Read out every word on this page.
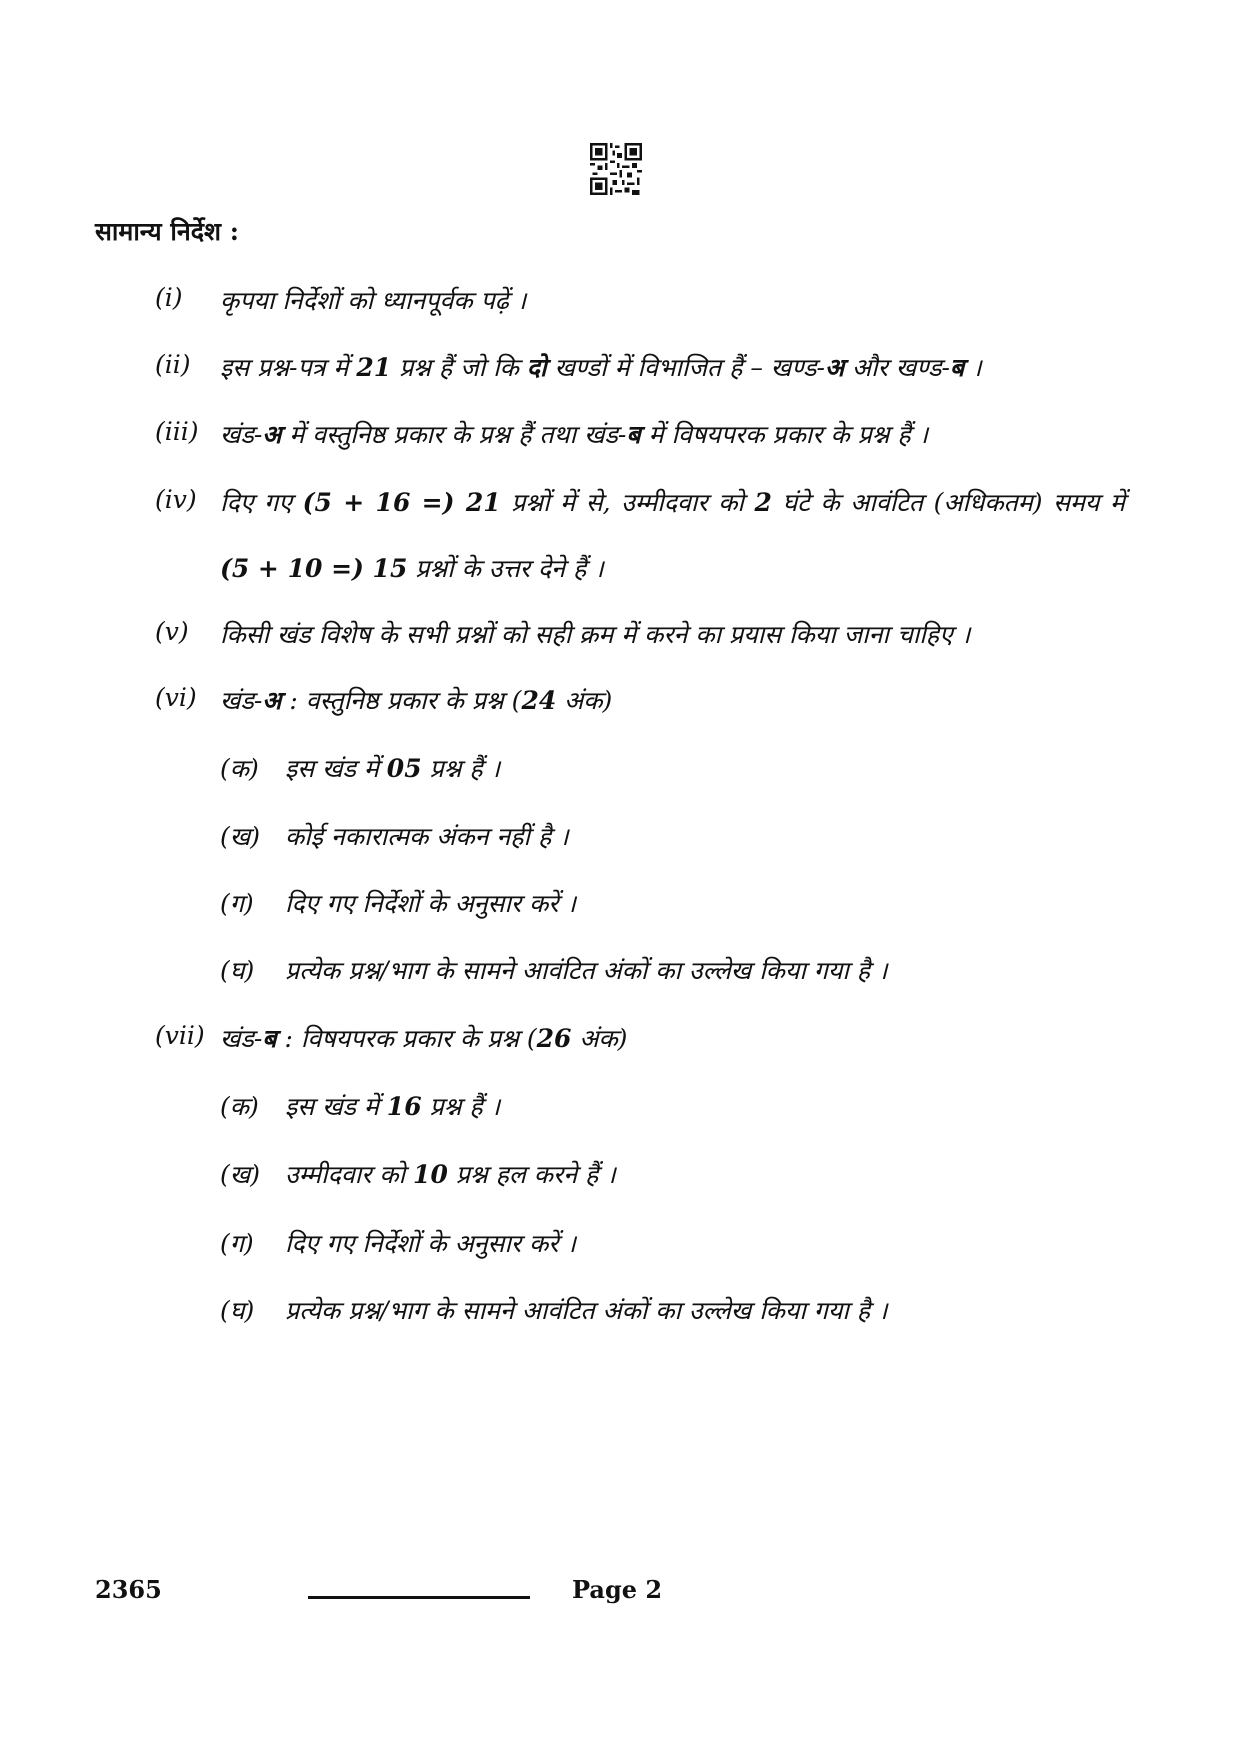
सामान्य निर्देश :
(i) कृपया निर्देशों को ध्यानपूर्वक पढ़ें ।
(ii) इस प्रश्न-पत्र में 21 प्रश्न हैं जो कि दो खण्डों में विभाजित हैं – खण्ड-अ और खण्ड-ब ।
(iii) खंड-अ में वस्तुनिष्ठ प्रकार के प्रश्न हैं तथा खंड-ब में विषयपरक प्रकार के प्रश्न हैं ।
(iv) दिए गए (5 + 16 =) 21 प्रश्नों में से, उम्मीदवार को 2 घंटे के आवंटित (अधिकतम) समय में
(5 + 10 =) 15 प्रश्नों के उत्तर देने हैं ।
(v) किसी खंड विशेष के सभी प्रश्नों को सही क्रम में करने का प्रयास किया जाना चाहिए ।
(vi) खंड-अ : वस्तुनिष्ठ प्रकार के प्रश्न (24 अंक)
(क) इस खंड में 05 प्रश्न हैं ।
(ख) कोई नकारात्मक अंकन नहीं है ।
(ग) दिए गए निर्देशों के अनुसार करें ।
(घ) प्रत्येक प्रश्न/भाग के सामने आवंटित अंकों का उल्लेख किया गया है ।
(vii) खंड-ब : विषयपरक प्रकार के प्रश्न (26 अंक)
(क) इस खंड में 16 प्रश्न हैं ।
(ख) उम्मीदवार को 10 प्रश्न हल करने हैं ।
(ग) दिए गए निर्देशों के अनुसार करें ।
(घ) प्रत्येक प्रश्न/भाग के सामने आवंटित अंकों का उल्लेख किया गया है ।
2365	Page 2
